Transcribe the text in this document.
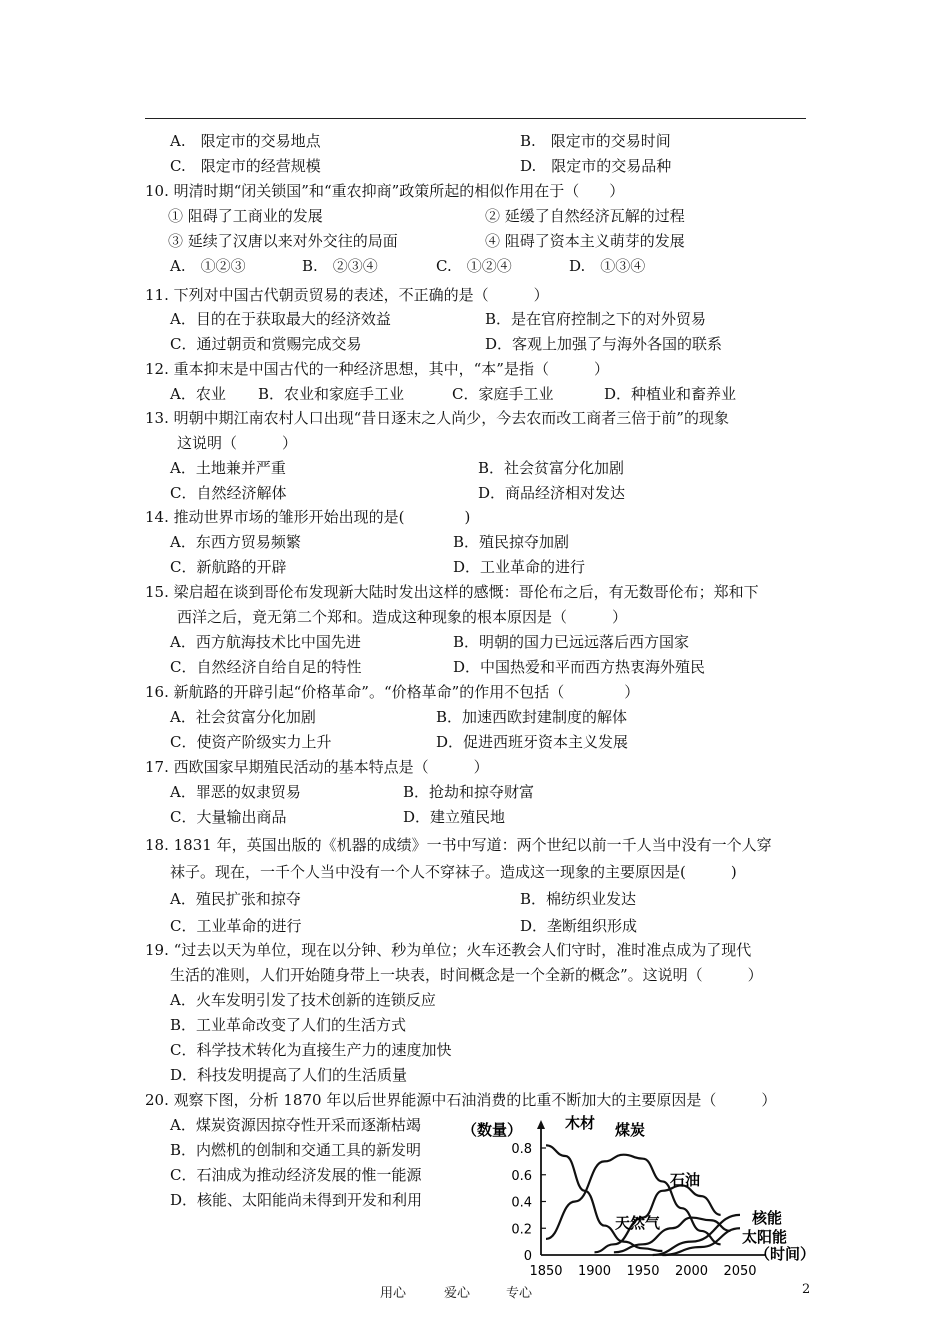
A.　限定市的交易地点	B.　限定市的交易时间
C.　限定市的经营规模	D.　限定市的交易品种
10. 明清时期“闭关锁国”和“重农抑商”政策所起的相似作用在于（　　）
① 阻碍了工商业的发展	② 延缓了自然经济瓦解的过程
③ 延续了汉唐以来对外交往的局面	④ 阻碍了资本主义萌芽的发展
A.　①②③	B.　②③④	C.　①②④	D.　①③④
11. 下列对中国古代朝贡贸易的表述，不正确的是（　　　）
A．目的在于获取最大的经济效益	B．是在官府控制之下的对外贸易
C．通过朝贡和赏赐完成交易	D．客观上加强了与海外各国的联系
12. 重本抑末是中国古代的一种经济思想，其中，“本”是指（　　　）
A．农业 B．农业和家庭手工业	C．家庭手工业	D．种植业和畜养业
13. 明朝中期江南农村人口出现“昔日逐末之人尚少，今去农而改工商者三倍于前”的现象
这说明（　　　）
A．土地兼并严重	B．社会贫富分化加剧
C．自然经济解体	D．商品经济相对发达
14. 推动世界市场的雏形开始出现的是(　　　　)
A．东西方贸易频繁	B．殖民掠夺加剧
C．新航路的开辟	D．工业革命的进行
15. 梁启超在谈到哥伦布发现新大陆时发出这样的感慨：哥伦布之后，有无数哥伦布；郑和下
西洋之后，竟无第二个郑和。造成这种现象的根本原因是（　　　）
A．西方航海技术比中国先进	B．明朝的国力已远远落后西方国家
C．自然经济自给自足的特性	D．中国热爱和平而西方热衷海外殖民
16. 新航路的开辟引起“价格革命”。“价格革命”的作用不包括（　　　　）
A．社会贫富分化加剧	B．加速西欧封建制度的解体
C．使资产阶级实力上升	D．促进西班牙资本主义发展
17. 西欧国家早期殖民活动的基本特点是（　　　）
A．罪恶的奴隶贸易	B．抢劫和掠夺财富
C．大量输出商品	D．建立殖民地
18. 1831 年，英国出版的《机器的成绩》一书中写道：两个世纪以前一千人当中没有一个人穿
袜子。现在，一千个人当中没有一个人不穿袜子。造成这一现象的主要原因是(　　　)
A．殖民扩张和掠夺	B．棉纺织业发达
C．工业革命的进行	D．垄断组织形成
19. “过去以天为单位，现在以分钟、秒为单位；火车还教会人们守时，准时准点成为了现代
生活的准则，人们开始随身带上一块表，时间概念是一个全新的概念”。这说明（　　　）
A．火车发明引发了技术创新的连锁反应
B．工业革命改变了人们的生活方式
C．科学技术转化为直接生产力的速度加快
D．科技发明提高了人们的生活质量
20. 观察下图，分析 1870 年以后世界能源中石油消费的比重不断加大的主要原因是（　　　）
A．煤炭资源因掠夺性开采而逐渐枯竭
B．内燃机的创制和交通工具的新发明
C．石油成为推动经济发展的惟一能源
D．核能、太阳能尚未得到开发和利用
0
0.2
0.4
0.6
0.8
1850 1900 1950 2000 2050
木材 煤炭
石油
天然气	核能
太阳能
（数量）
（时间）
用心	爱心	专心	2
